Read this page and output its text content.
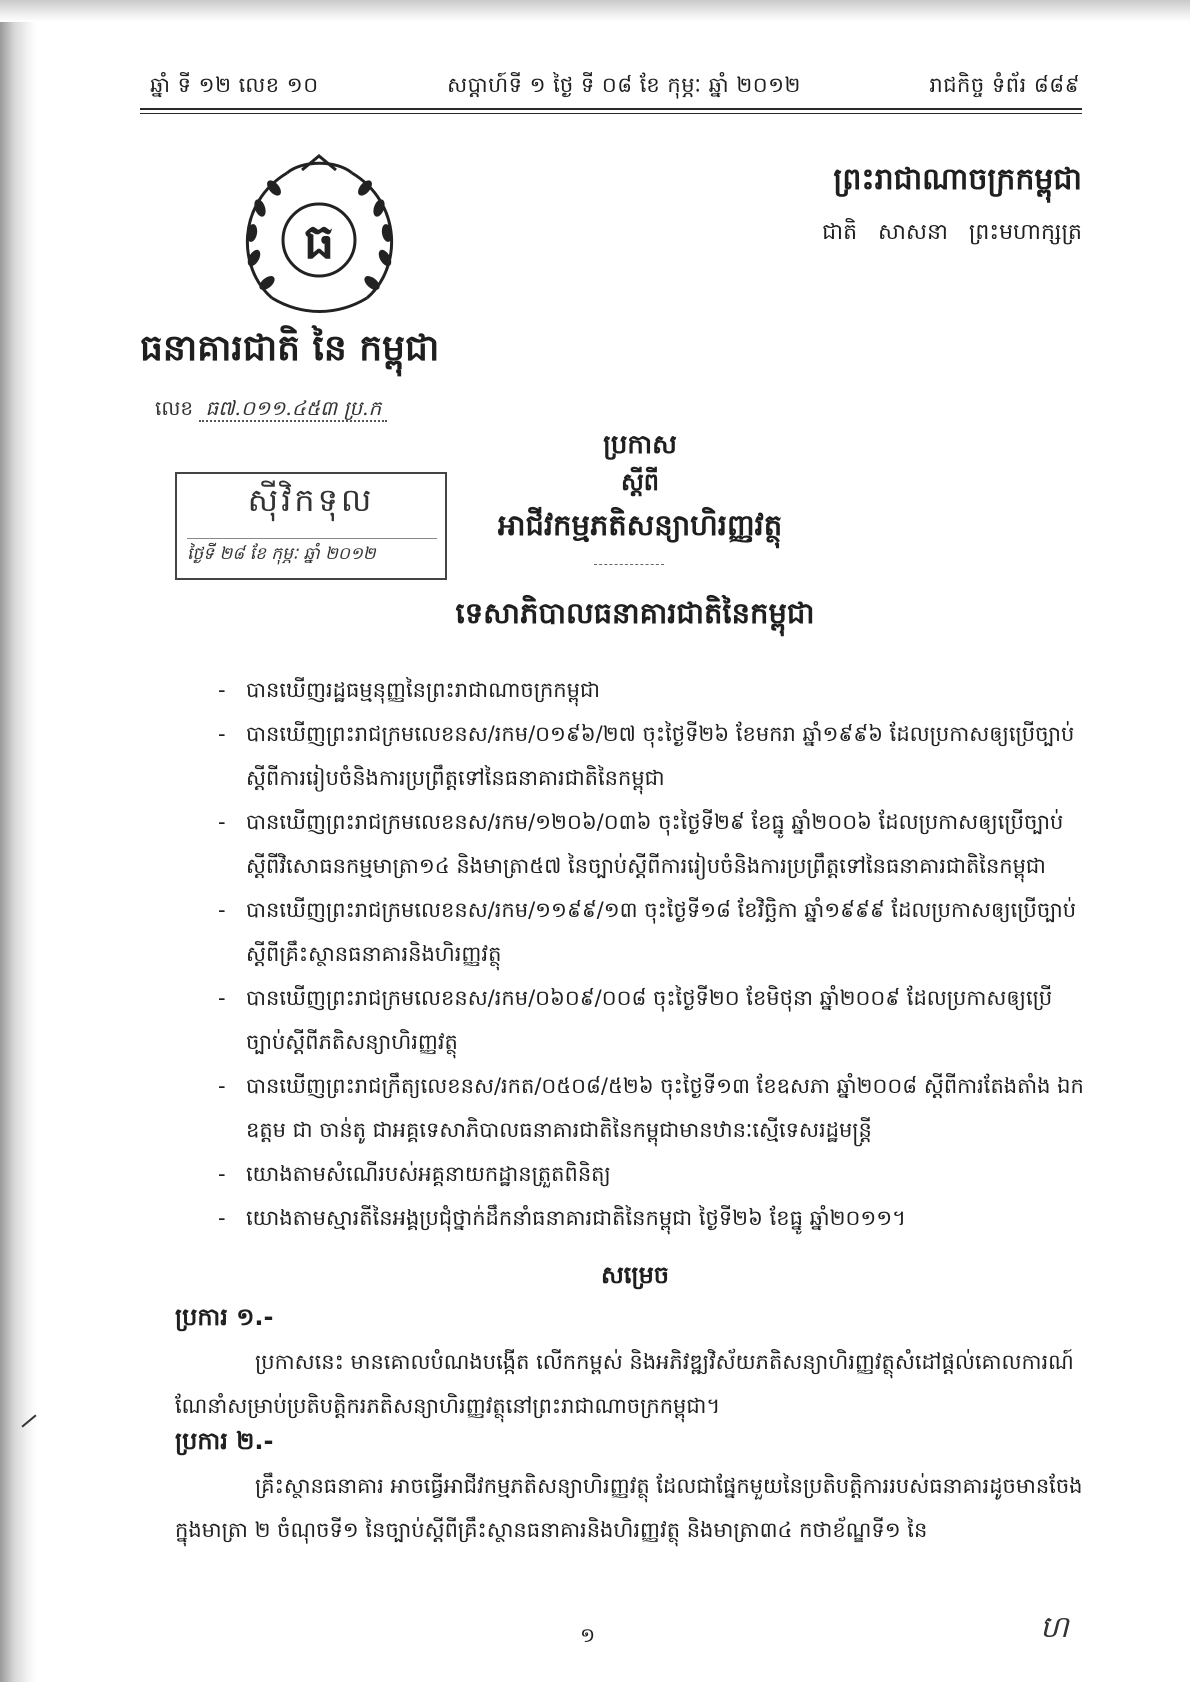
ឆ្នាំ ទី ១២ លេខ ១០	សប្តាហ៍ទី ១ ថ្ងៃ ទី ០៨ ខែ កុម្ភៈ ឆ្នាំ ២០១២	រាជកិច្ច ទំព័រ ៨៨៩
ធ
ព្រះរាជាណាចក្រកម្ពុជា
ជាតិ សាសនា ព្រះមហាក្សត្រ
ធនាគារជាតិ នៃ កម្ពុជា
លេខ ធ៧.០១១.៤៥៣ ប្រ.ក
ស៊ីវិកទុល
ថ្ងៃទី ២៨ ខែ កុម្ភៈ ឆ្នាំ ២០១២
ប្រកាស
ស្តីពី
អាជីវកម្មភតិសន្យាហិរញ្ញវត្ថុ
ទេសាភិបាលធនាគារជាតិនៃកម្ពុជា
- បានឃើញរដ្ឋធម្មនុញ្ញនៃព្រះរាជាណាចក្រកម្ពុជា
- បានឃើញព្រះរាជក្រមលេខនស/រកម/០១៩៦/២៧ ចុះថ្ងៃទី២៦ ខែមករា ឆ្នាំ១៩៩៦ ដែលប្រកាសឲ្យប្រើច្បាប់ស្តីពីការរៀបចំនិងការប្រព្រឹត្តទៅនៃធនាគារជាតិនៃកម្ពុជា
- បានឃើញព្រះរាជក្រមលេខនស/រកម/១២០៦/០៣៦ ចុះថ្ងៃទី២៩ ខែធ្នូ ឆ្នាំ២០០៦ ដែលប្រកាសឲ្យប្រើច្បាប់ស្តីពីវិសោធនកម្មមាត្រា១៤ និងមាត្រា៥៧ នៃច្បាប់ស្តីពីការរៀបចំនិងការប្រព្រឹត្តទៅនៃធនាគារជាតិនៃកម្ពុជា
- បានឃើញព្រះរាជក្រមលេខនស/រកម/១១៩៩/១៣ ចុះថ្ងៃទី១៨ ខែវិច្ឆិកា ឆ្នាំ១៩៩៩ ដែលប្រកាសឲ្យប្រើច្បាប់ស្តីពីគ្រឹះស្ថានធនាគារនិងហិរញ្ញវត្ថុ
- បានឃើញព្រះរាជក្រមលេខនស/រកម/០៦០៩/០០៨ ចុះថ្ងៃទី២០ ខែមិថុនា ឆ្នាំ២០០៩ ដែលប្រកាសឲ្យប្រើច្បាប់ស្តីពីភតិសន្យាហិរញ្ញវត្ថុ
- បានឃើញព្រះរាជក្រឹត្យលេខនស/រកត/០៥០៨/៥២៦ ចុះថ្ងៃទី១៣ ខែឧសភា ឆ្នាំ២០០៨ ស្តីពីការតែងតាំង ឯកឧត្តម ជា ចាន់តូ ជាអគ្គទេសាភិបាលធនាគារជាតិនៃកម្ពុជាមានឋានៈស្មើទេសរដ្ឋមន្ត្រី
- យោងតាមសំណើរបស់អគ្គនាយកដ្ឋានត្រួតពិនិត្យ
- យោងតាមស្មារតីនៃអង្គប្រជុំថ្នាក់ដឹកនាំធនាគារជាតិនៃកម្ពុជា ថ្ងៃទី២៦ ខែធ្នូ ឆ្នាំ២០១១។
សម្រេច
ប្រការ ១.-

ប្រកាសនេះ មានគោលបំណងបង្កើត លើកកម្ពស់ និងអភិវឌ្ឍវិស័យភតិសន្យាហិរញ្ញវត្ថុសំដៅផ្តល់គោលការណ៍ណែនាំសម្រាប់ប្រតិបត្តិករភតិសន្យាហិរញ្ញវត្ថុនៅព្រះរាជាណាចក្រកម្ពុជា។

ប្រការ ២.-

គ្រឹះស្ថានធនាគារ អាចធ្វើអាជីវកម្មភតិសន្យាហិរញ្ញវត្ថុ ដែលជាផ្នែកមួយនៃប្រតិបត្តិការរបស់ធនាគារដូចមានចែងក្នុងមាត្រា ២ ចំណុចទី១ នៃច្បាប់ស្តីពីគ្រឹះស្ថានធនាគារនិងហិរញ្ញវត្ថុ និងមាត្រា៣៤ កថាខ័ណ្ឌទី១ នៃ

១	ហ
